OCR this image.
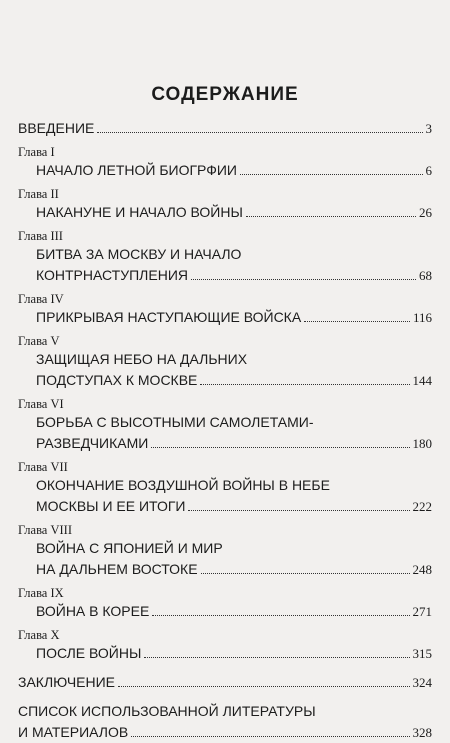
СОДЕРЖАНИЕ
ВВЕДЕНИЕ	3
Глава I
НАЧАЛО ЛЕТНОЙ БИОГРФИИ	6
Глава II
НАКАНУНЕ И НАЧАЛО ВОЙНЫ	26
Глава III
БИТВА ЗА МОСКВУ И НАЧАЛО
КОНТРНАСТУПЛЕНИЯ	68
Глава IV
ПРИКРЫВАЯ НАСТУПАЮЩИЕ ВОЙСКА	116
Глава V
ЗАЩИЩАЯ НЕБО НА ДАЛЬНИХ
ПОДСТУПАХ К МОСКВЕ	144
Глава VI
БОРЬБА С ВЫСОТНЫМИ САМОЛЕТАМИ-
РАЗВЕДЧИКАМИ	180
Глава VII
ОКОНЧАНИЕ ВОЗДУШНОЙ ВОЙНЫ В НЕБЕ
МОСКВЫ И ЕЕ ИТОГИ	222
Глава VIII
ВОЙНА С ЯПОНИЕЙ И МИР
НА ДАЛЬНЕМ ВОСТОКЕ	248
Глава IX
ВОЙНА В КОРЕЕ	271
Глава X
ПОСЛЕ ВОЙНЫ	315
ЗАКЛЮЧЕНИЕ	324
СПИСОК ИСПОЛЬЗОВАННОЙ ЛИТЕРАТУРЫ
И МАТЕРИАЛОВ	328
